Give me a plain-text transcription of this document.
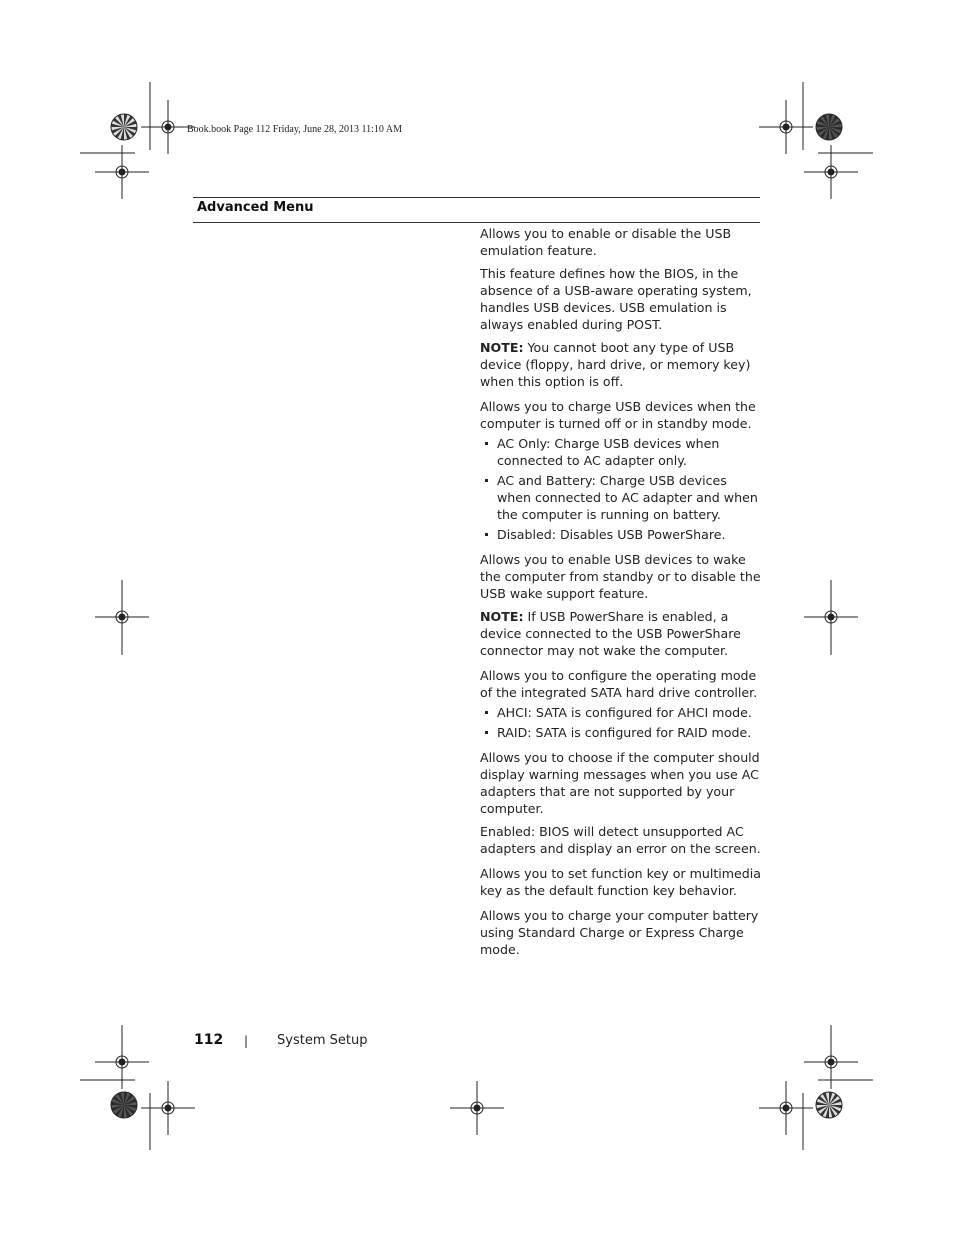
Book.book Page 112 Friday, June 28, 2013 11:10 AM
Advanced Menu

Allows you to enable or disable the USB emulation feature.

This feature defines how the BIOS, in the absence of a USB-aware operating system, handles USB devices. USB emulation is always enabled during POST.

NOTE: You cannot boot any type of USB device (floppy, hard drive, or memory key) when this option is off.

Allows you to charge USB devices when the computer is turned off or in standby mode.

AC Only: Charge USB devices when connected to AC adapter only.
AC and Battery: Charge USB devices when connected to AC adapter and when the computer is running on battery.
Disabled: Disables USB PowerShare.

Allows you to enable USB devices to wake the computer from standby or to disable the USB wake support feature.

NOTE: If USB PowerShare is enabled, a device connected to the USB PowerShare connector may not wake the computer.

Allows you to configure the operating mode of the integrated SATA hard drive controller.

AHCI: SATA is configured for AHCI mode.
RAID: SATA is configured for RAID mode.

Allows you to choose if the computer should display warning messages when you use AC adapters that are not supported by your computer.

Enabled: BIOS will detect unsupported AC adapters and display an error on the screen.

Allows you to set function key or multimedia key as the default function key behavior.

Allows you to charge your computer battery using Standard Charge or Express Charge mode.

112 | System Setup
